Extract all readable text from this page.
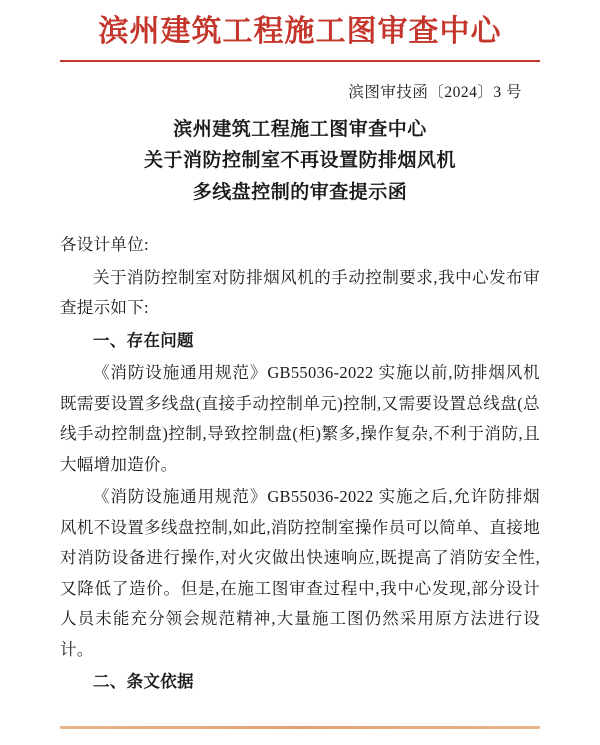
滨州建筑工程施工图审查中心
滨图审技函〔2024〕3 号
滨州建筑工程施工图审查中心
关于消防控制室不再设置防排烟风机
多线盘控制的审查提示函

各设计单位:

关于消防控制室对防排烟风机的手动控制要求,我中心发布审查提示如下:

一、存在问题

《消防设施通用规范》GB55036-2022 实施以前,防排烟风机既需要设置多线盘(直接手动控制单元)控制,又需要设置总线盘(总线手动控制盘)控制,导致控制盘(柜)繁多,操作复杂,不利于消防,且大幅增加造价。

《消防设施通用规范》GB55036-2022 实施之后,允许防排烟风机不设置多线盘控制,如此,消防控制室操作员可以简单、直接地对消防设备进行操作,对火灾做出快速响应,既提高了消防安全性,又降低了造价。但是,在施工图审查过程中,我中心发现,部分设计人员未能充分领会规范精神,大量施工图仍然采用原方法进行设计。

二、条文依据
